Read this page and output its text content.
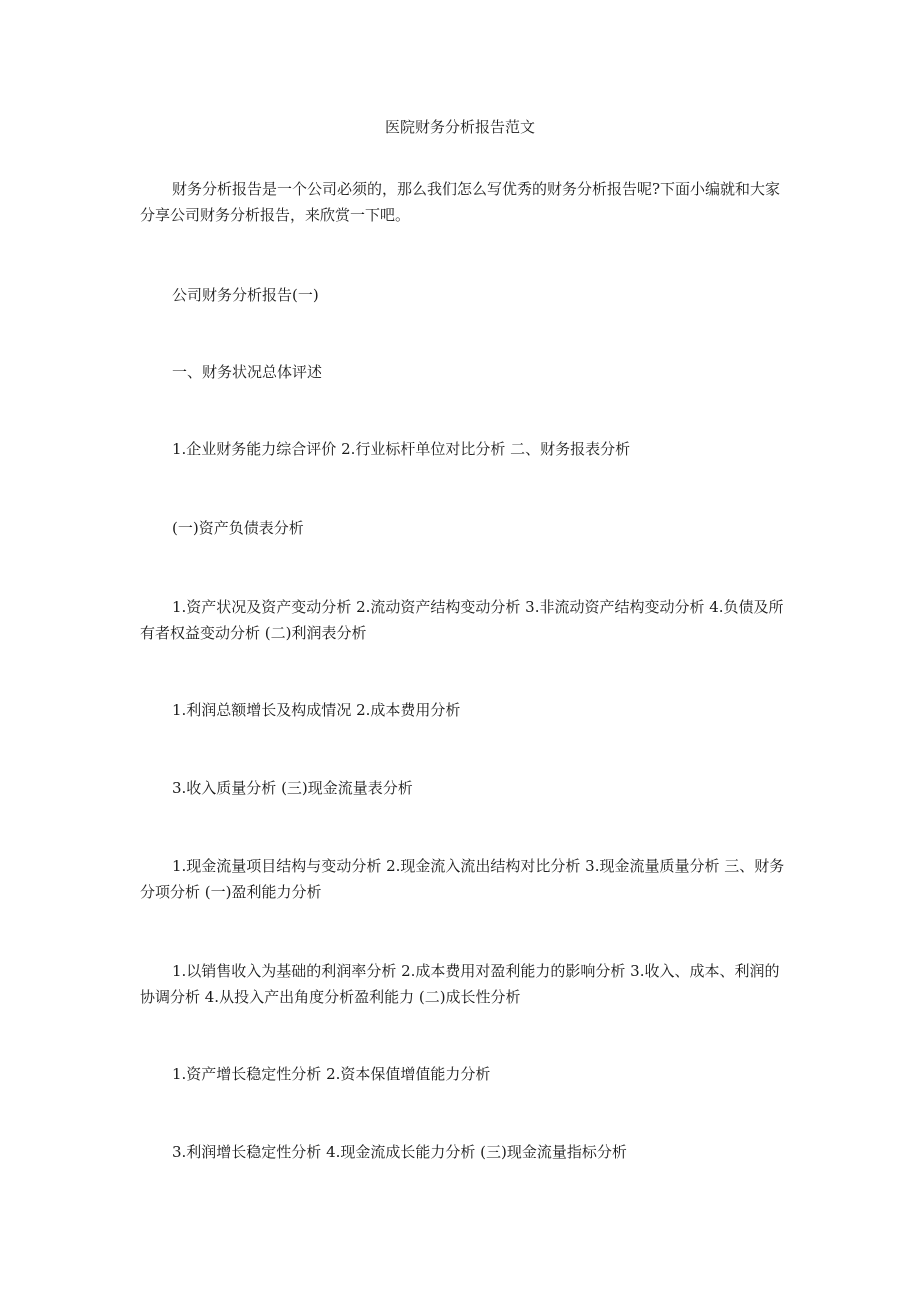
医院财务分析报告范文

财务分析报告是一个公司必须的，那么我们怎么写优秀的财务分析报告呢?下面小编就和大家分享公司财务分析报告，来欣赏一下吧。

公司财务分析报告(一)

一、财务状况总体评述

1.企业财务能力综合评价 2.行业标杆单位对比分析 二、财务报表分析

(一)资产负债表分析

1.资产状况及资产变动分析 2.流动资产结构变动分析 3.非流动资产结构变动分析 4.负债及所有者权益变动分析 (二)利润表分析

1.利润总额增长及构成情况 2.成本费用分析

3.收入质量分析 (三)现金流量表分析

1.现金流量项目结构与变动分析 2.现金流入流出结构对比分析 3.现金流量质量分析 三、财务分项分析 (一)盈利能力分析

1.以销售收入为基础的利润率分析 2.成本费用对盈利能力的影响分析 3.收入、成本、利润的协调分析 4.从投入产出角度分析盈利能力 (二)成长性分析

1.资产增长稳定性分析 2.资本保值增值能力分析

3.利润增长稳定性分析 4.现金流成长能力分析 (三)现金流量指标分析
